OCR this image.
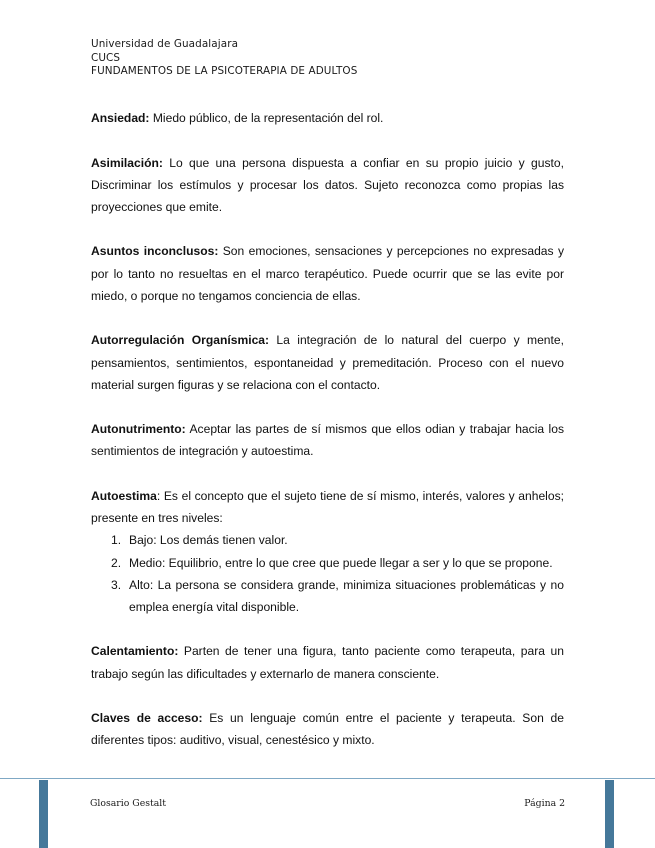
Universidad de Guadalajara
CUCS
FUNDAMENTOS DE LA PSICOTERAPIA DE ADULTOS

Ansiedad: Miedo público, de la representación del rol.

Asimilación: Lo que una persona dispuesta a confiar en su propio juicio y gusto, Discriminar los estímulos y procesar los datos. Sujeto reconozca como propias las proyecciones que emite.

Asuntos inconclusos: Son emociones, sensaciones y percepciones no expresadas y por lo tanto no resueltas en el marco terapéutico. Puede ocurrir que se las evite por miedo, o porque no tengamos conciencia de ellas.

Autorregulación Organísmica: La integración de lo natural del cuerpo y mente, pensamientos, sentimientos, espontaneidad y premeditación. Proceso con el nuevo material surgen figuras y se relaciona con el contacto.

Autonutrimento: Aceptar las partes de sí mismos que ellos odian y trabajar hacia los sentimientos de integración y autoestima.

Autoestima: Es el concepto que el sujeto tiene de sí mismo, interés, valores y anhelos; presente en tres niveles:
1. Bajo: Los demás tienen valor.
2. Medio: Equilibrio, entre lo que cree que puede llegar a ser y lo que se propone.
3. Alto: La persona se considera grande, minimiza situaciones problemáticas y no emplea energía vital disponible.

Calentamiento: Parten de tener una figura, tanto paciente como terapeuta, para un trabajo según las dificultades y externarlo de manera consciente.

Claves de acceso: Es un lenguaje común entre el paciente y terapeuta. Son de diferentes tipos: auditivo, visual, cenestésico y mixto.

Glosario Gestalt	Página 2
